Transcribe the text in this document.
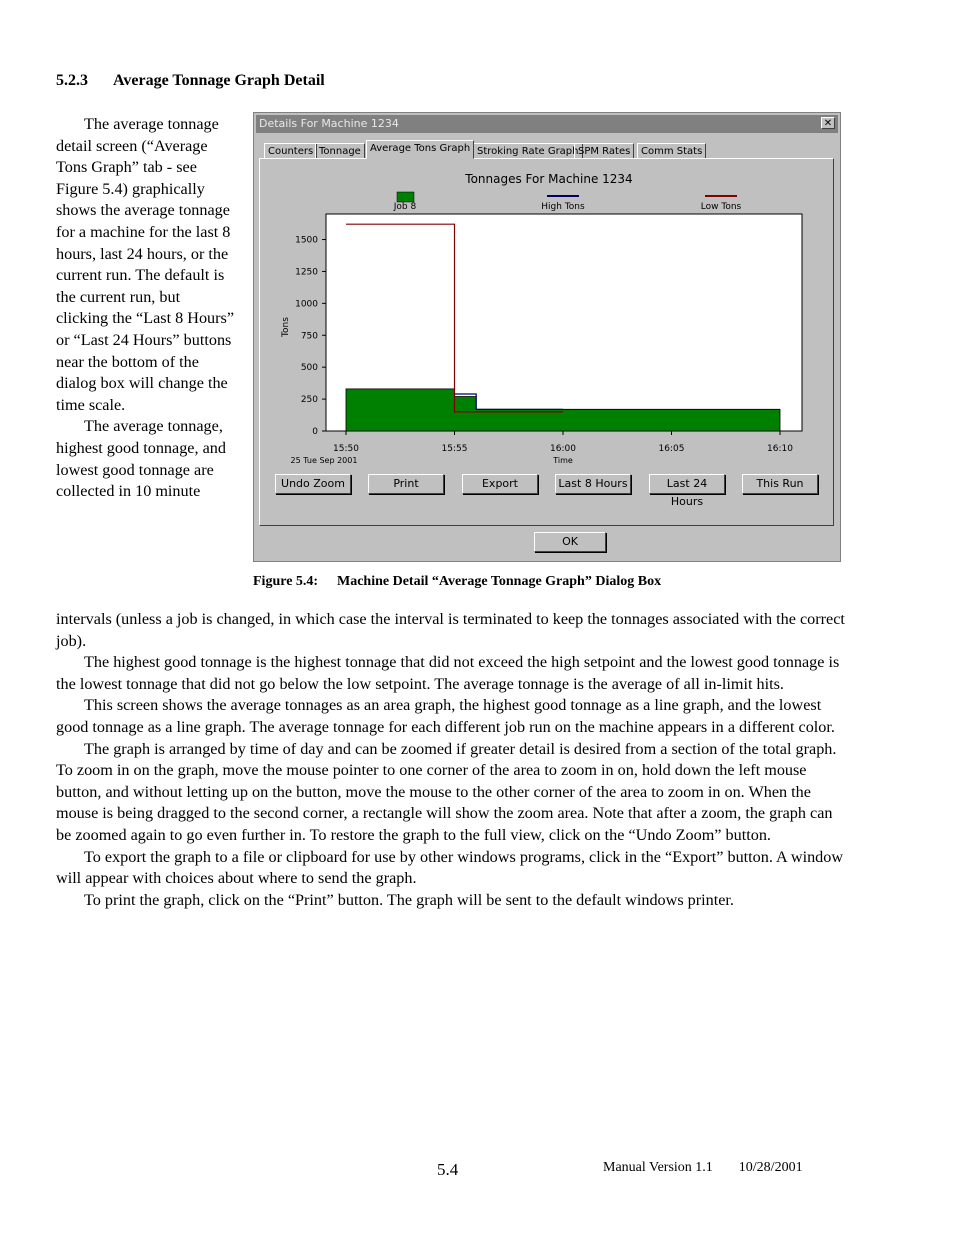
5.2.3 Average Tonnage Graph Detail

The average tonnage detail screen (“Average Tons Graph” tab - see Figure 5.4) graphically shows the average tonnage for a machine for the last 8 hours, last 24 hours, or the current run. The default is the current run, but clicking the “Last 8 Hours” or “Last 24 Hours” buttons near the bottom of the dialog box will change the time scale.

The average tonnage, highest good tonnage, and lowest good tonnage are collected in 10 minute

Details For Machine 1234	✕
Counters Tonnage Average Tons Graph Stroking Rate Graph SPM Rates	Comm Stats
Tonnages For Machine 1234
Job 8	High Tons	Low Tons
0
250
500
750
1000
1250
1500
Tons
15:50	15:55	16:00	16:05	16:10
25 Tue Sep 2001	Time
Undo Zoom	Print	Export	Last 8 Hours	Last 24 Hours
This Run
OK
Figure 5.4: Machine Detail “Average Tonnage Graph” Dialog Box

intervals (unless a job is changed, in which case the interval is terminated to keep the tonnages associated with the correct job).

The highest good tonnage is the highest tonnage that did not exceed the high setpoint and the lowest good tonnage is the lowest tonnage that did not go below the low setpoint. The average tonnage is the average of all in-limit hits.

This screen shows the average tonnages as an area graph, the highest good tonnage as a line graph, and the lowest good tonnage as a line graph. The average tonnage for each different job run on the machine appears in a different color.

The graph is arranged by time of day and can be zoomed if greater detail is desired from a section of the total graph. To zoom in on the graph, move the mouse pointer to one corner of the area to zoom in on, hold down the left mouse button, and without letting up on the button, move the mouse to the other corner of the area to zoom in on. When the mouse is being dragged to the second corner, a rectangle will show the zoom area. Note that after a zoom, the graph can be zoomed again to go even further in. To restore the graph to the full view, click on the “Undo Zoom” button.

To export the graph to a file or clipboard for use by other windows programs, click in the “Export” button. A window will appear with choices about where to send the graph.

To print the graph, click on the “Print” button. The graph will be sent to the default windows printer.

5.4	Manual Version 1.1 10/28/2001
